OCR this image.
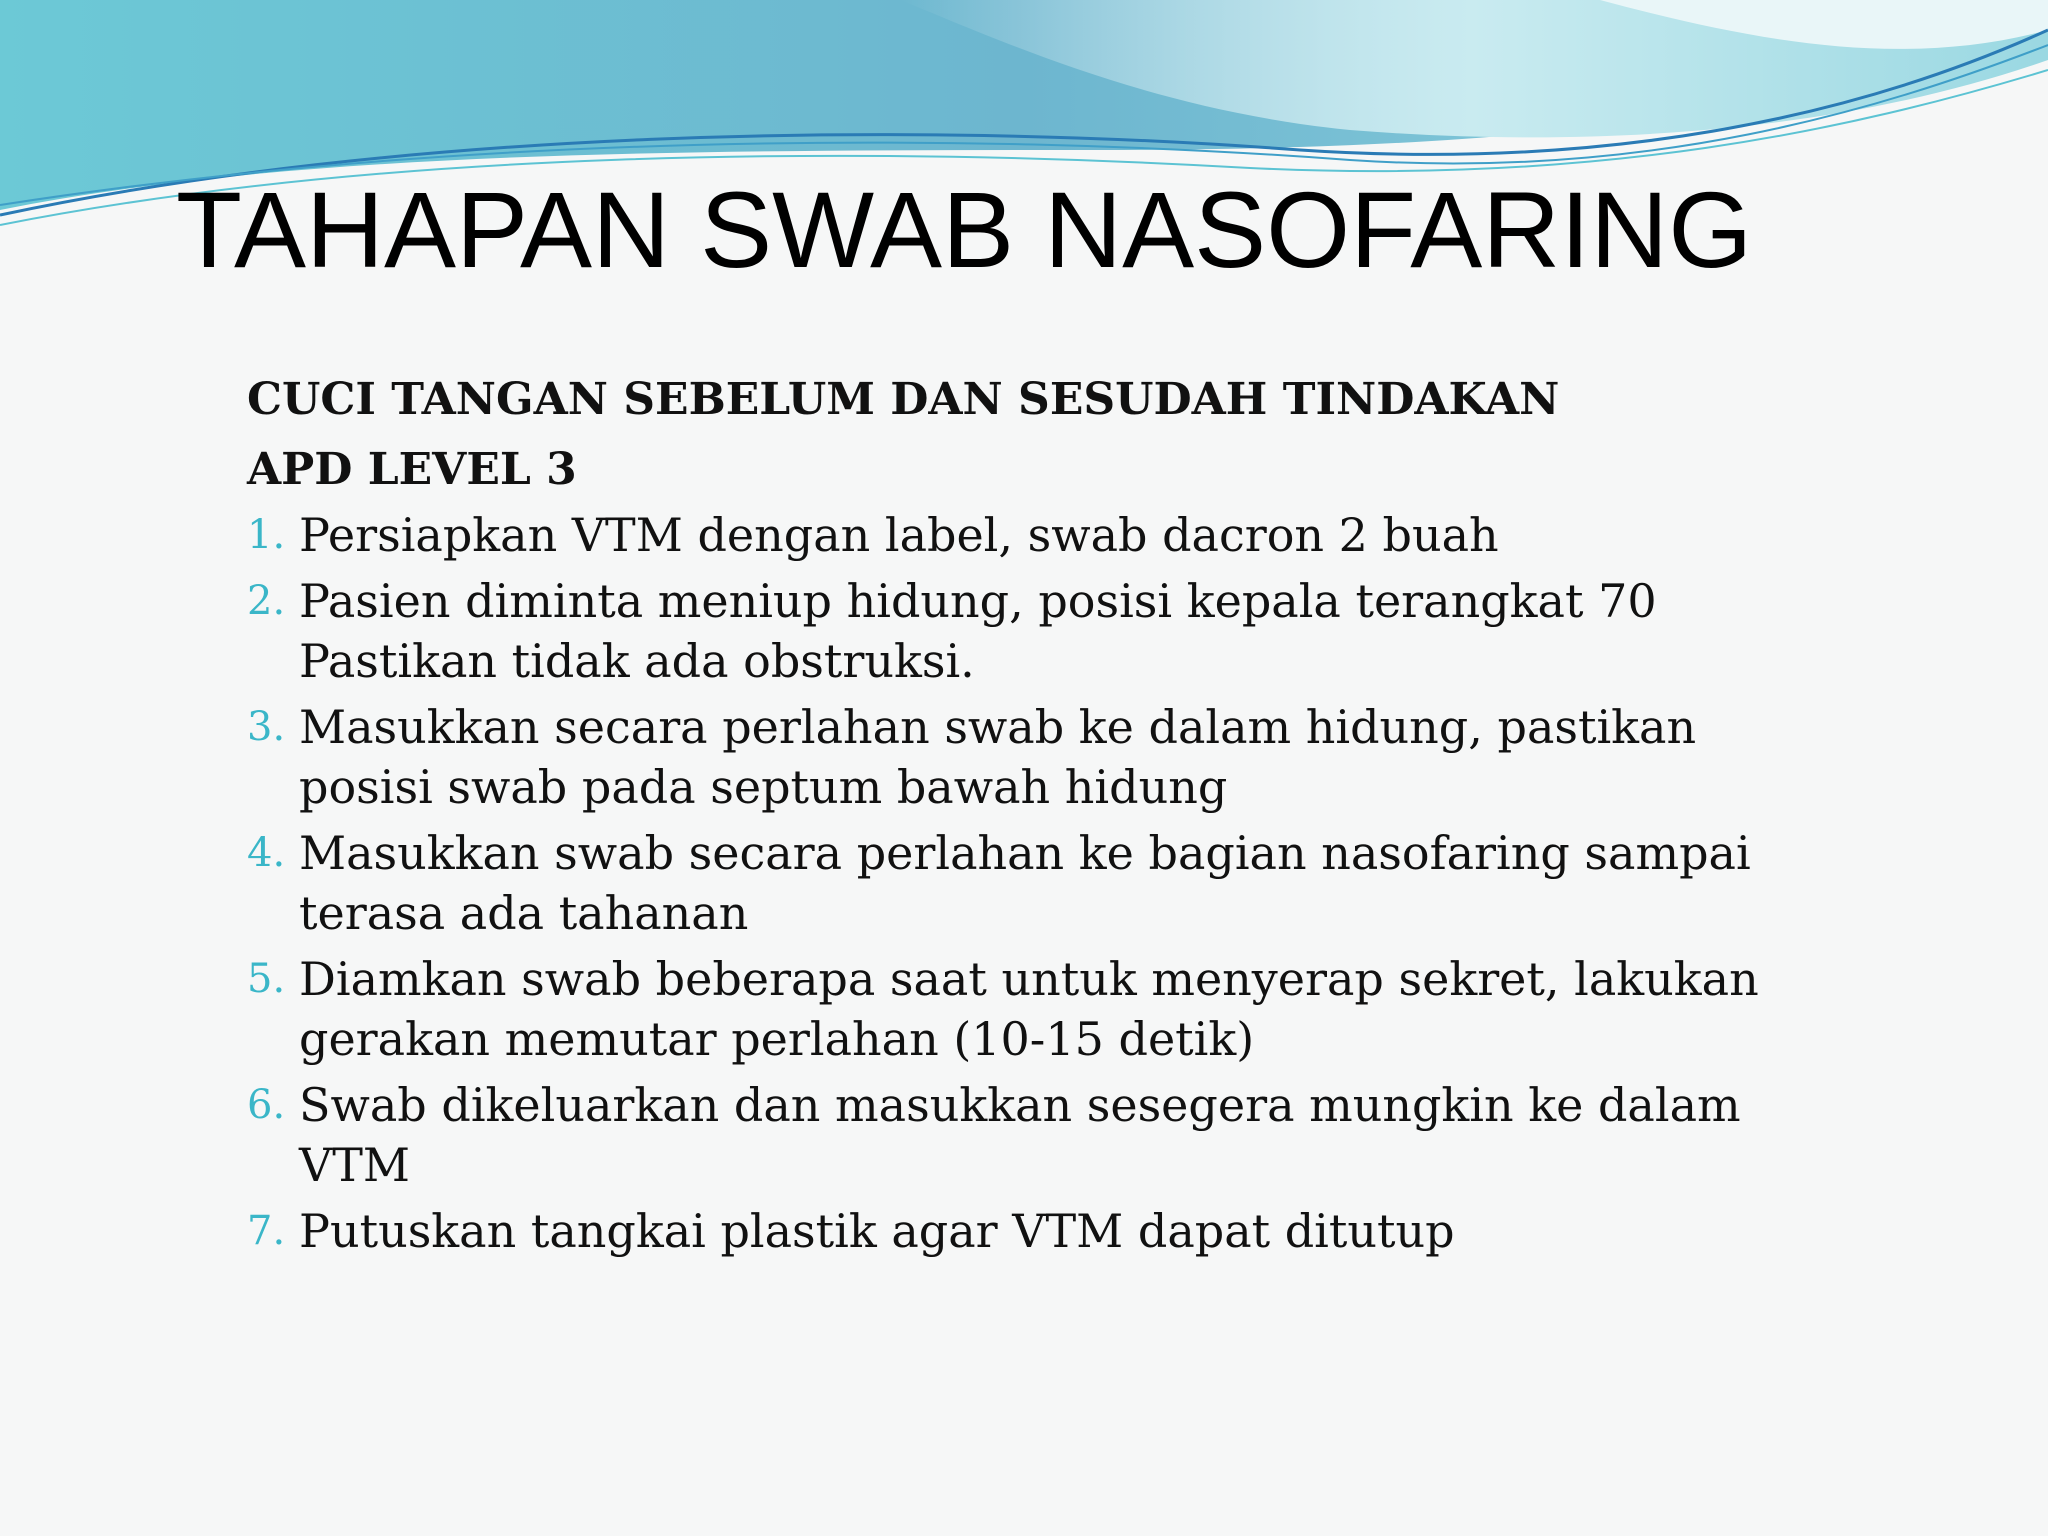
TAHAPAN SWAB NASOFARING
CUCI TANGAN SEBELUM DAN SESUDAH TINDAKAN
APD LEVEL 3
1. Persiapkan VTM dengan label, swab dacron 2 buah
2. Pasien diminta meniup hidung, posisi kepala terangkat 70 Pastikan tidak ada obstruksi.
3. Masukkan secara perlahan swab ke dalam hidung, pastikan posisi swab pada septum bawah hidung
4. Masukkan swab secara perlahan ke bagian nasofaring sampai terasa ada tahanan
5. Diamkan swab beberapa saat untuk menyerap sekret, lakukan gerakan memutar perlahan (10-15 detik)
6. Swab dikeluarkan dan masukkan sesegera mungkin ke dalam VTM
7. Putuskan tangkai plastik agar VTM dapat ditutup
